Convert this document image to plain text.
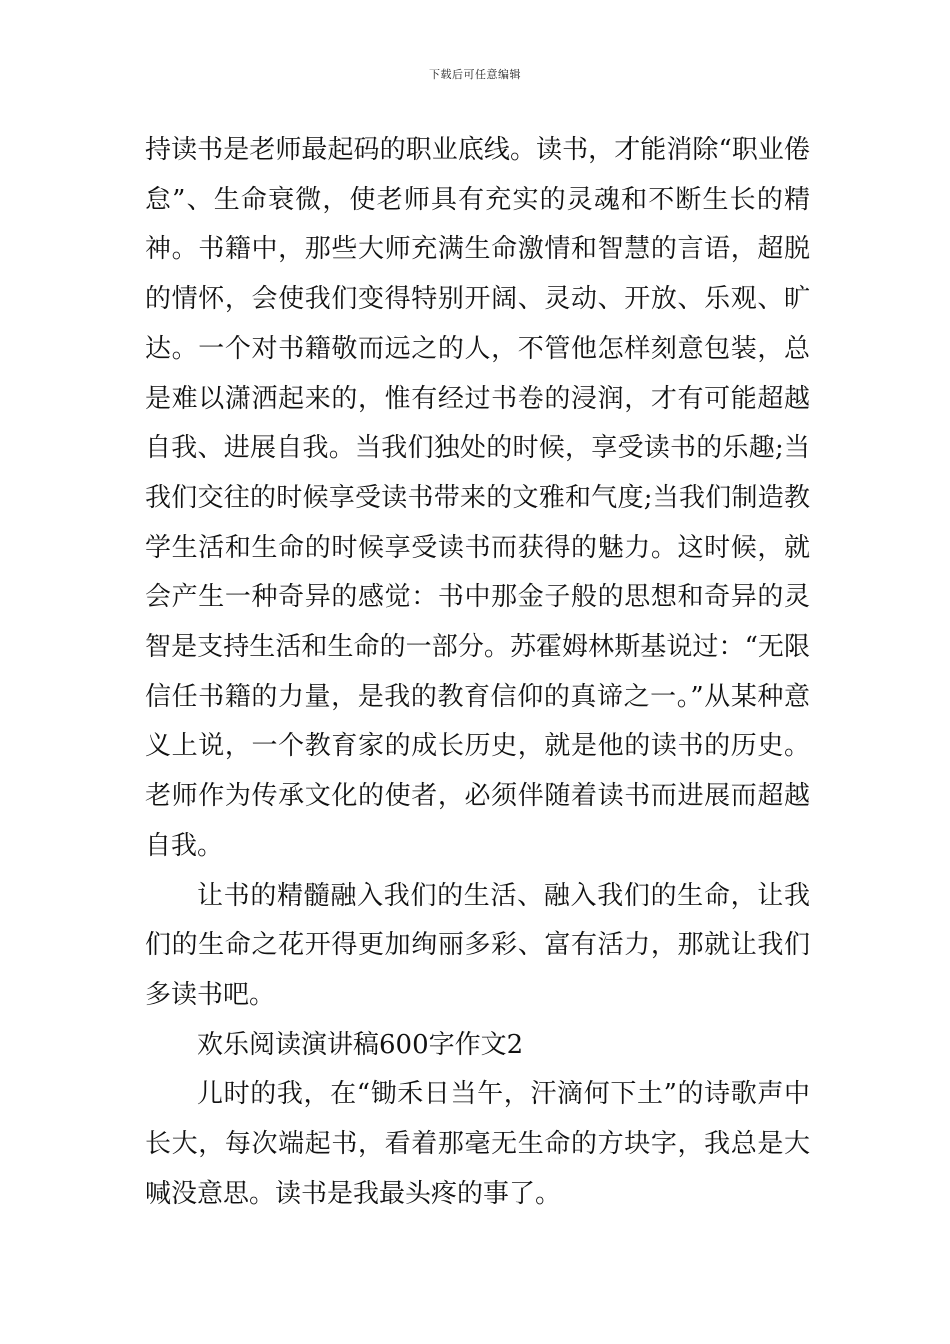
下载后可任意编辑

持读书是老师最起码的职业底线。读书，才能消除“职业倦怠”、生命衰微，使老师具有充实的灵魂和不断生长的精神。书籍中，那些大师充满生命激情和智慧的言语，超脱的情怀，会使我们变得特别开阔、灵动、开放、乐观、旷达。一个对书籍敬而远之的人，不管他怎样刻意包装，总是难以潇洒起来的，惟有经过书卷的浸润，才有可能超越自我、进展自我。当我们独处的时候，享受读书的乐趣;当我们交往的时候享受读书带来的文雅和气度;当我们制造教学生活和生命的时候享受读书而获得的魅力。这时候，就会产生一种奇异的感觉：书中那金子般的思想和奇异的灵智是支持生活和生命的一部分。苏霍姆林斯基说过：“无限信任书籍的力量，是我的教育信仰的真谛之一。”从某种意义上说，一个教育家的成长历史，就是他的读书的历史。老师作为传承文化的使者，必须伴随着读书而进展而超越自我。

让书的精髓融入我们的生活、融入我们的生命，让我们的生命之花开得更加绚丽多彩、富有活力，那就让我们多读书吧。

欢乐阅读演讲稿600字作文2

儿时的我，在“锄禾日当午，汗滴何下土”的诗歌声中长大，每次端起书，看着那毫无生命的方块字，我总是大喊没意思。读书是我最头疼的事了。
